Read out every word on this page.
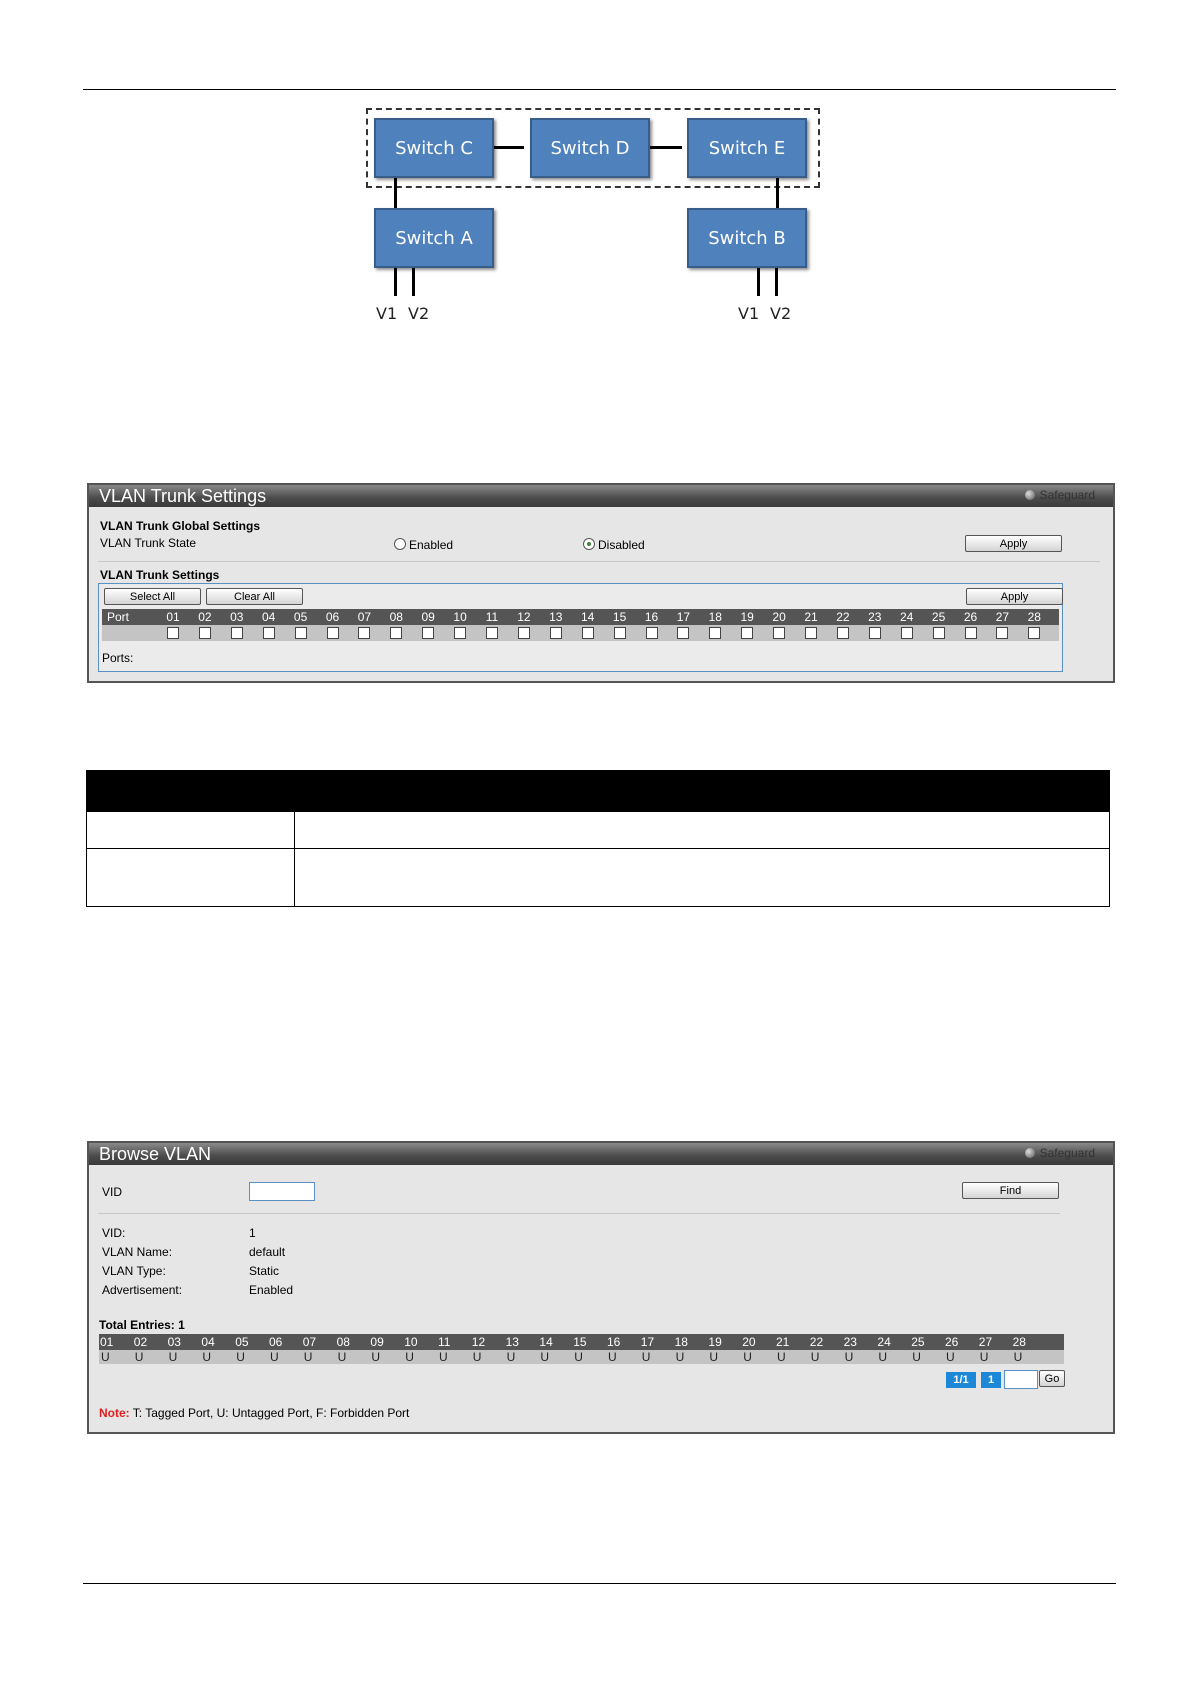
Switch C	Switch D	Switch E
Switch A	Switch B
V1 V2	V1 V2
VLAN Trunk Settings	Safeguard
VLAN Trunk Global Settings
VLAN Trunk State	Enabled	Disabled	Apply
VLAN Trunk Settings
Select All	Clear All	Apply
Port	01	02	03	04	05	06	07	08	09	10	11	12	13	14	15	16	17	18	19	20	21	22	23	24	25	26	27	28
Ports:

Browse VLAN	Safeguard
VID	Find
VID:	1
VLAN Name:	default
VLAN Type:	Static
Advertisement:	Enabled
Total Entries: 1
01	02	03	04	05	06	07	08	09	10	11	12	13	14	15	16	17	18	19	20	21	22	23	24	25	26	27	28
U U U U U U U U U U U U U U U U U U U U U U U U U U U U
1/1	1	Go
Note: T: Tagged Port, U: Untagged Port, F: Forbidden Port
